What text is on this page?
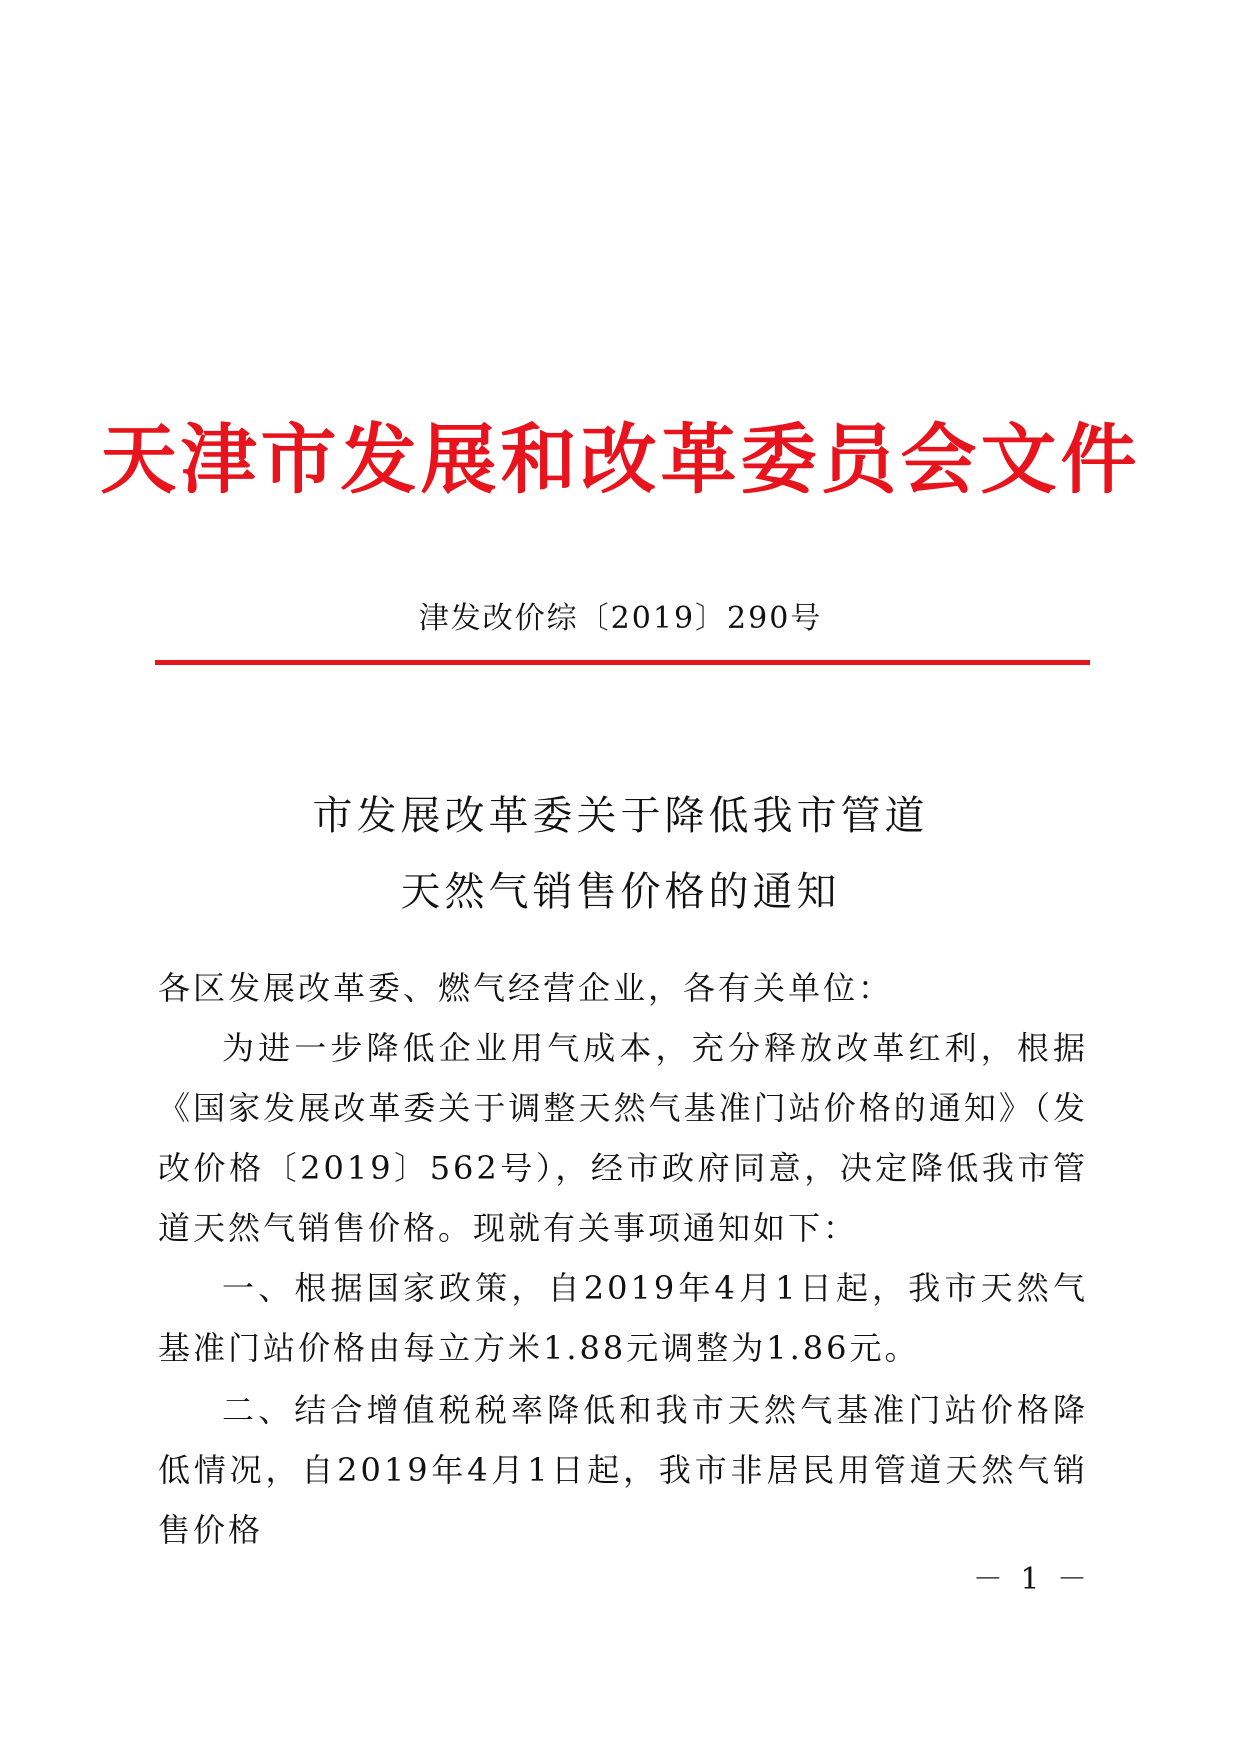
天津市发展和改革委员会文件
津发改价综〔2019〕290号
市发展改革委关于降低我市管道
天然气销售价格的通知

各区发展改革委、燃气经营企业，各有关单位：

为进一步降低企业用气成本，充分释放改革红利，根据《国家发展改革委关于调整天然气基准门站价格的通知》（发改价格〔2019〕562号），经市政府同意，决定降低我市管道天然气销售价格。现就有关事项通知如下：

一、根据国家政策，自2019年4月1日起，我市天然气基准门站价格由每立方米1.88元调整为1.86元。

二、结合增值税税率降低和我市天然气基准门站价格降低情况，自2019年4月1日起，我市非居民用管道天然气销售价格

－ 1 －
